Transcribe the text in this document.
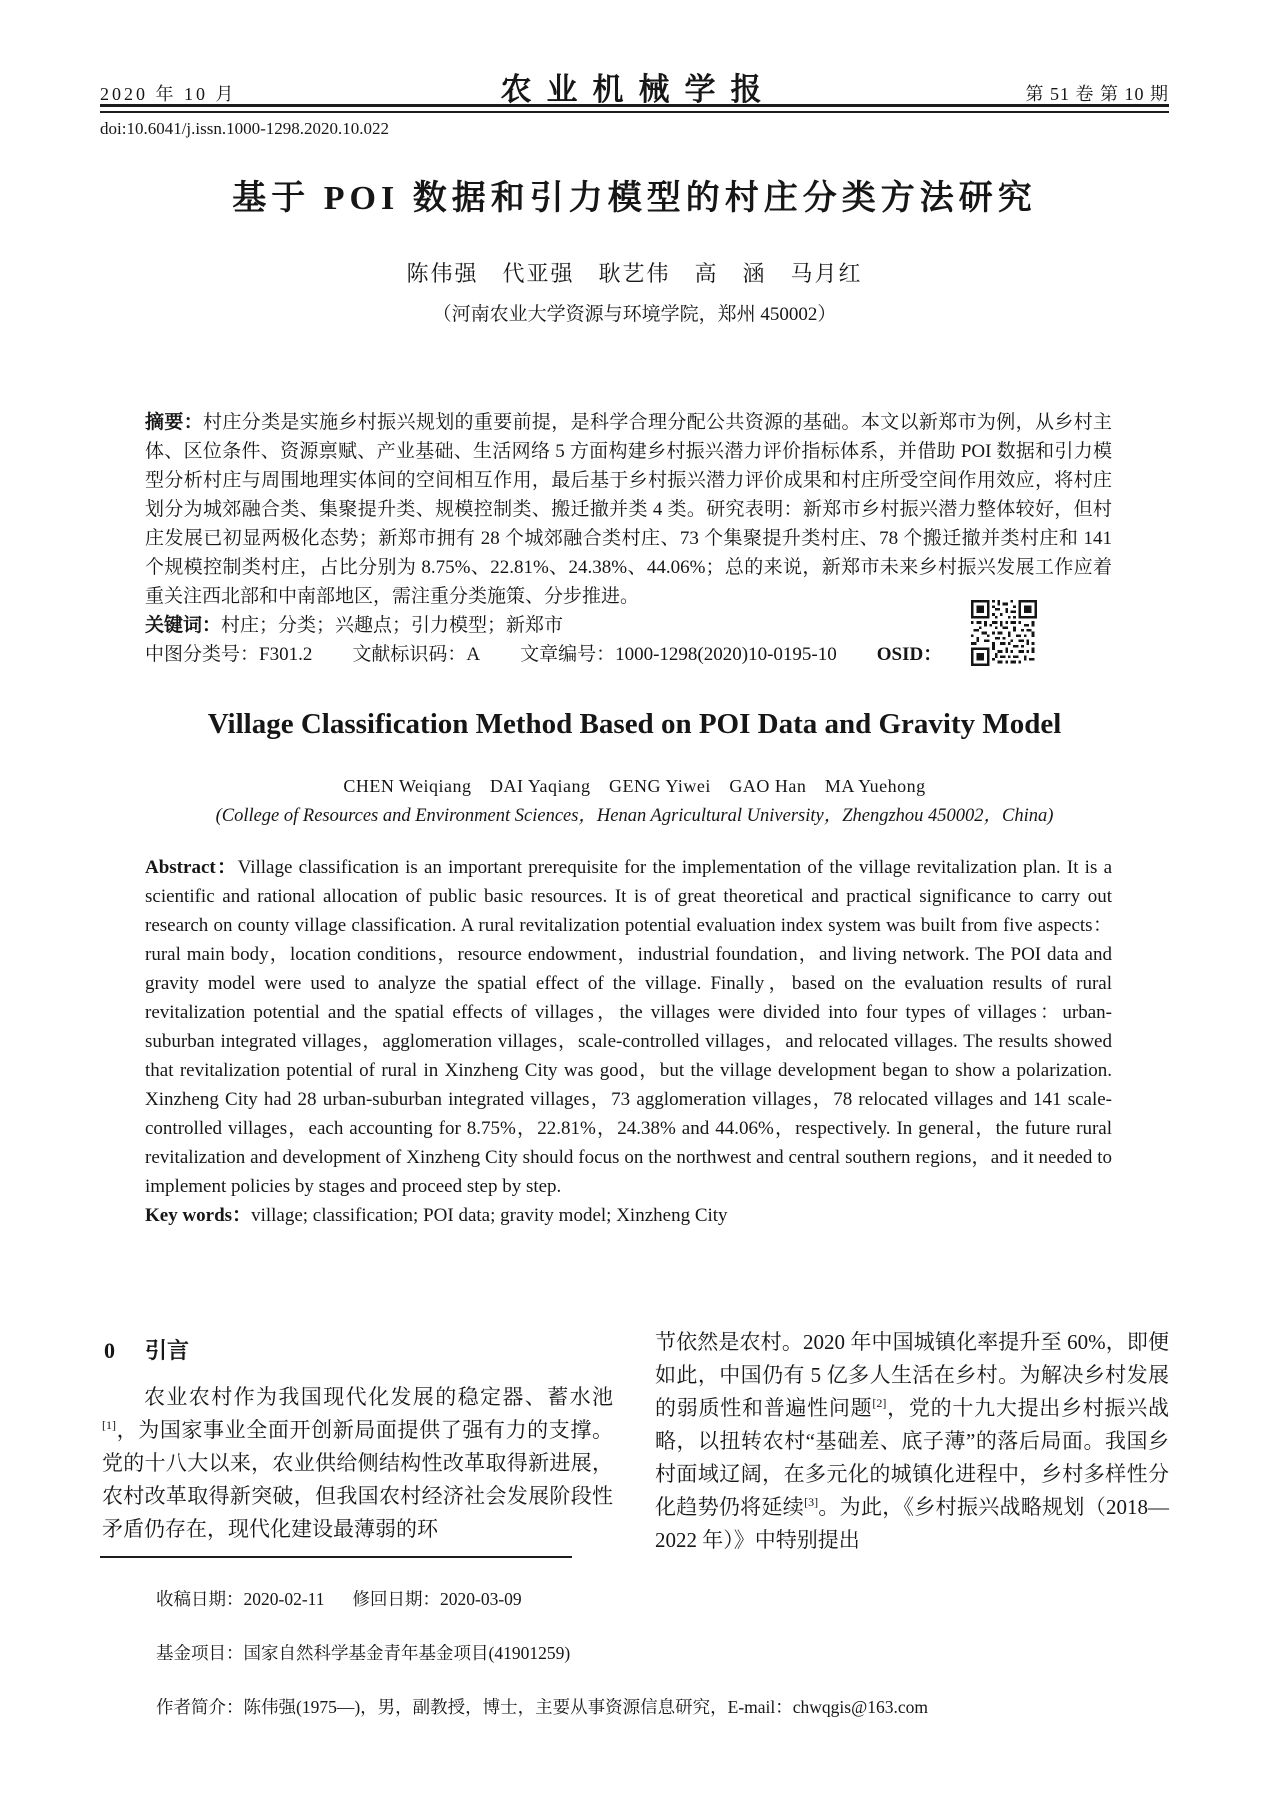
2020 年 10 月	农业机械学报	第 51 卷 第 10 期
doi:10.6041/j.issn.1000-1298.2020.10.022
基于 POI 数据和引力模型的村庄分类方法研究
陈伟强　代亚强　耿艺伟　高　涵　马月红
（河南农业大学资源与环境学院，郑州 450002）

摘要：村庄分类是实施乡村振兴规划的重要前提，是科学合理分配公共资源的基础。本文以新郑市为例，从乡村主体、区位条件、资源禀赋、产业基础、生活网络 5 方面构建乡村振兴潜力评价指标体系，并借助 POI 数据和引力模型分析村庄与周围地理实体间的空间相互作用，最后基于乡村振兴潜力评价成果和村庄所受空间作用效应，将村庄划分为城郊融合类、集聚提升类、规模控制类、搬迁撤并类 4 类。研究表明：新郑市乡村振兴潜力整体较好，但村庄发展已初显两极化态势；新郑市拥有 28 个城郊融合类村庄、73 个集聚提升类村庄、78 个搬迁撤并类村庄和 141 个规模控制类村庄，占比分别为 8.75%、22.81%、24.38%、44.06%；总的来说，新郑市未来乡村振兴发展工作应着重关注西北部和中南部地区，需注重分类施策、分步推进。

关键词：村庄；分类；兴趣点；引力模型；新郑市

中图分类号：F301.2 文献标识码：A 文章编号：1000-1298(2020)10-0195-10 OSID：

Village Classification Method Based on POI Data and Gravity Model
CHEN Weiqiang　DAI Yaqiang　GENG Yiwei　GAO Han　MA Yuehong
(College of Resources and Environment Sciences，Henan Agricultural University，Zhengzhou 450002，China)

Abstract：Village classification is an important prerequisite for the implementation of the village revitalization plan. It is a scientific and rational allocation of public basic resources. It is of great theoretical and practical significance to carry out research on county village classification. A rural revitalization potential evaluation index system was built from five aspects：rural main body，location conditions，resource endowment，industrial foundation，and living network. The POI data and gravity model were used to analyze the spatial effect of the village. Finally，based on the evaluation results of rural revitalization potential and the spatial effects of villages，the villages were divided into four types of villages：urban-suburban integrated villages，agglomeration villages，scale-controlled villages，and relocated villages. The results showed that revitalization potential of rural in Xinzheng City was good，but the village development began to show a polarization. Xinzheng City had 28 urban-suburban integrated villages，73 agglomeration villages，78 relocated villages and 141 scale-controlled villages，each accounting for 8.75%，22.81%，24.38% and 44.06%，respectively. In general，the future rural revitalization and development of Xinzheng City should focus on the northwest and central southern regions，and it needed to implement policies by stages and proceed step by step.

Key words：village; classification; POI data; gravity model; Xinzheng City

0 引言

农业农村作为我国现代化发展的稳定器、蓄水池[1]，为国家事业全面开创新局面提供了强有力的支撑。党的十八大以来，农业供给侧结构性改革取得新进展，农村改革取得新突破，但我国农村经济社会发展阶段性矛盾仍存在，现代化建设最薄弱的环

节依然是农村。2020 年中国城镇化率提升至 60%，即便如此，中国仍有 5 亿多人生活在乡村。为解决乡村发展的弱质性和普遍性问题[2]，党的十九大提出乡村振兴战略，以扭转农村“基础差、底子薄”的落后局面。我国乡村面域辽阔，在多元化的城镇化进程中，乡村多样性分化趋势仍将延续[3]。为此，《乡村振兴战略规划（2018—2022 年）》中特别提出

收稿日期：2020-02-11 修回日期：2020-03-09

基金项目：国家自然科学基金青年基金项目(41901259)

作者简介：陈伟强(1975—)，男，副教授，博士，主要从事资源信息研究，E-mail：chwqgis@163.com
